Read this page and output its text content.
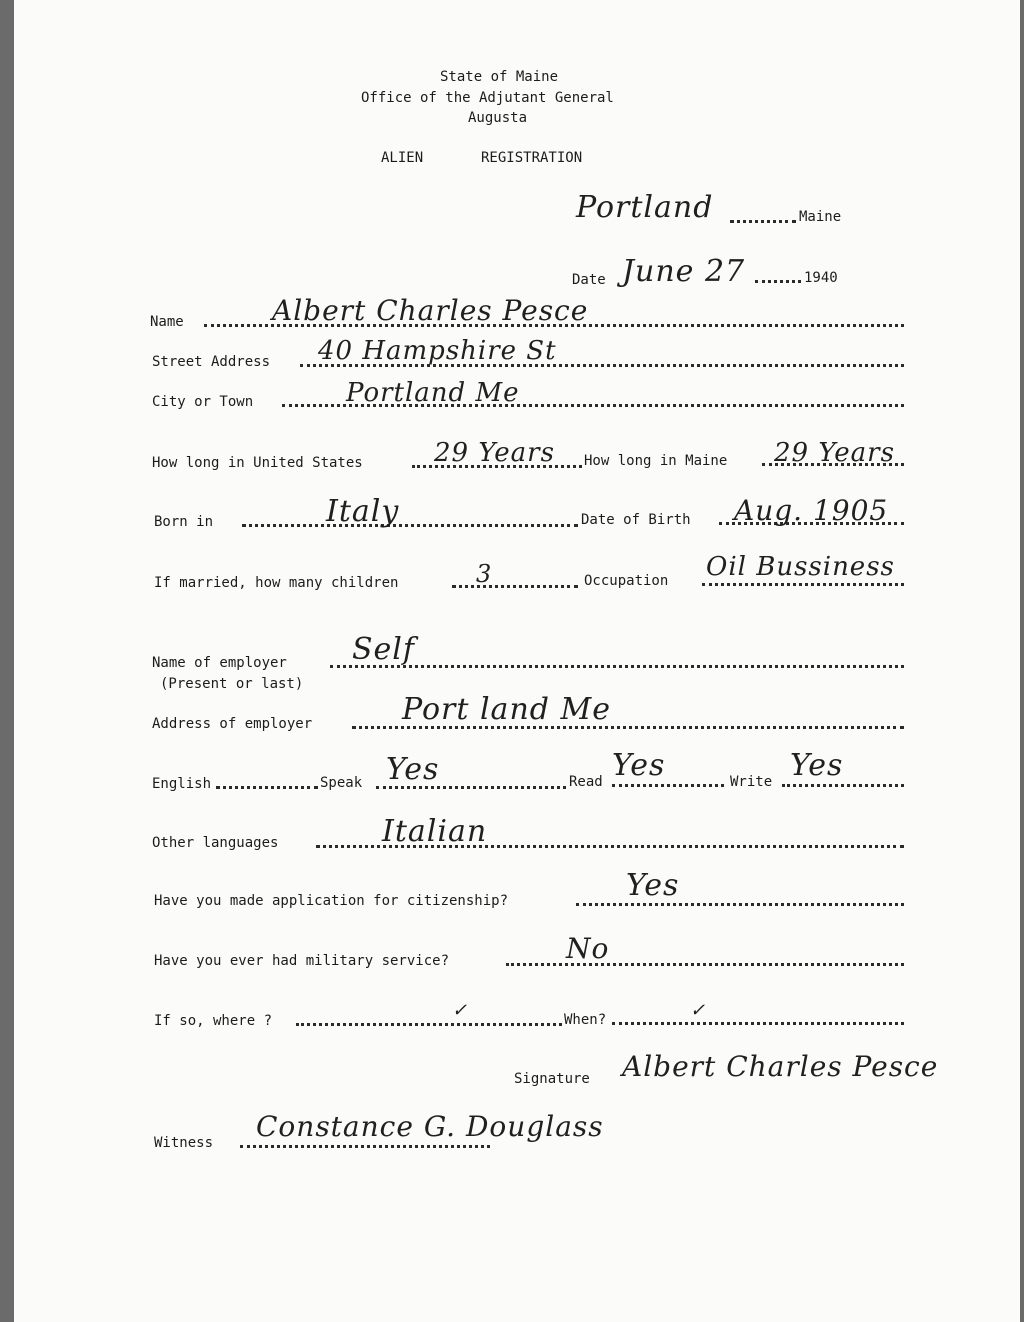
State of Maine
Office of the Adjutant General
Augusta
ALIEN	REGISTRATION
Portland	Maine
Date June 27	1940
Name	Albert Charles Pesce
Street Address 40 Hampshire St
City or Town	Portland Me
How long in United States	29 Years How long in Maine 29 Years
Born in	Italy	Date of Birth Aug. 1905
If married, how many children	3	Occupation Oil Bussiness
Name of employer Self
(Present or last)
Address of employer	Port land Me
English	Speak Yes	Read Yes	Write Yes
Other languages	Italian
Have you made application for citizenship?	Yes
Have you ever had military service?	No
If so, where ?	✓	When?	✓
Signature Albert Charles Pesce
Witness Constance G. Douglass
